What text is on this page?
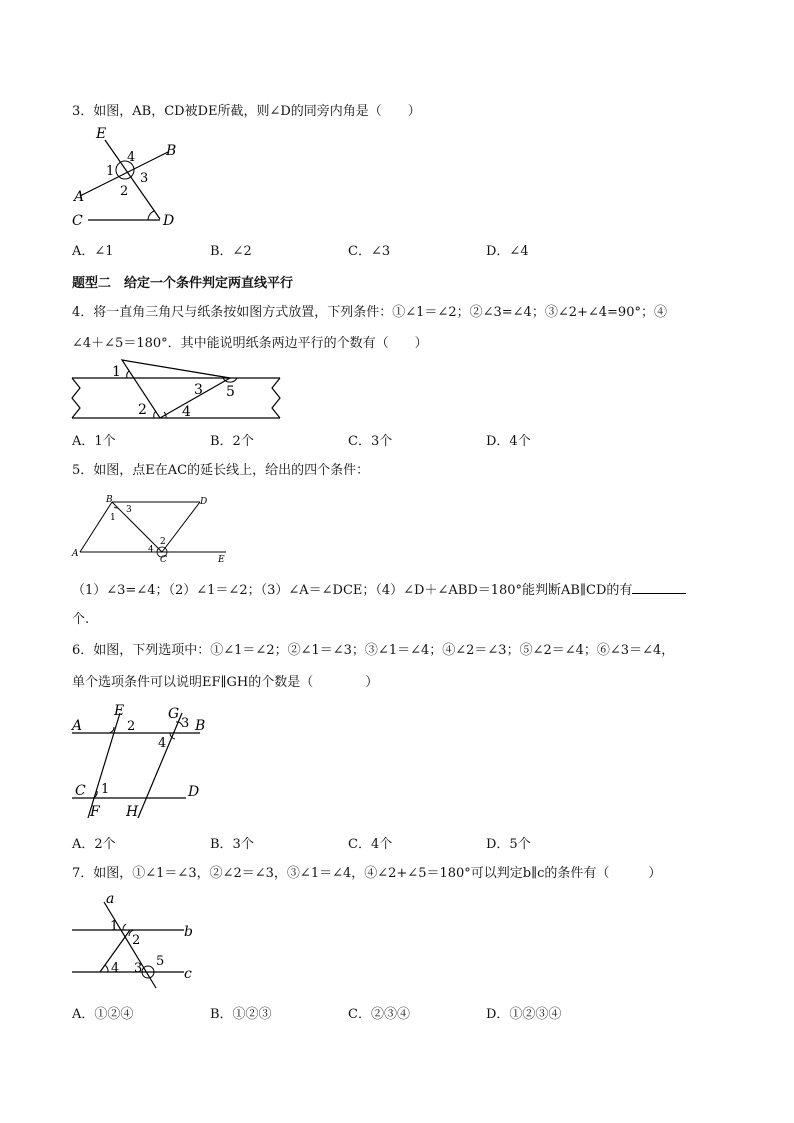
3．如图，AB，CD被DE所截，则∠D的同旁内角是（　　）
E
B
A
C	D
1
2
3
4
A．∠1	B．∠2	C．∠3	D．∠4
题型二　给定一个条件判定两直线平行
4．将一直角三角尺与纸条按如图方式放置，下列条件：①∠1＝∠2；②∠3=∠4；③∠2+∠4=90°；④
∠4＋∠5＝180°．其中能说明纸条两边平行的个数有（　　）
1
2
3
4
5
A．1个	B．2个	C．3个	D．4个
5．如图，点E在AC的延长线上，给出的四个条件：
B	D
A
C	E
1
2
3
4
（1）∠3=∠4；（2）∠1＝∠2；（3）∠A＝∠DCE；（4）∠D＋∠ABD＝180°能判断AB∥CD的有
个.
6．如图，下列选项中：①∠1＝∠2；②∠1＝∠3；③∠1＝∠4；④∠2＝∠3；⑤∠2＝∠4；⑥∠3＝∠4，
单个选项条件可以说明EF∥GH的个数是（　　　　）
A
E	G
B
C	D
F H
1
2	3
4
A．2个	B．3个	C．4个	D．5个
7．如图，①∠1＝∠3，②∠2＝∠3，③∠1＝∠4，④∠2+∠5＝180°可以判定b∥c的条件有（　　　）
a
b
c
1
2
3
4	5
A．①②④	B．①②③	C．②③④	D．①②③④
